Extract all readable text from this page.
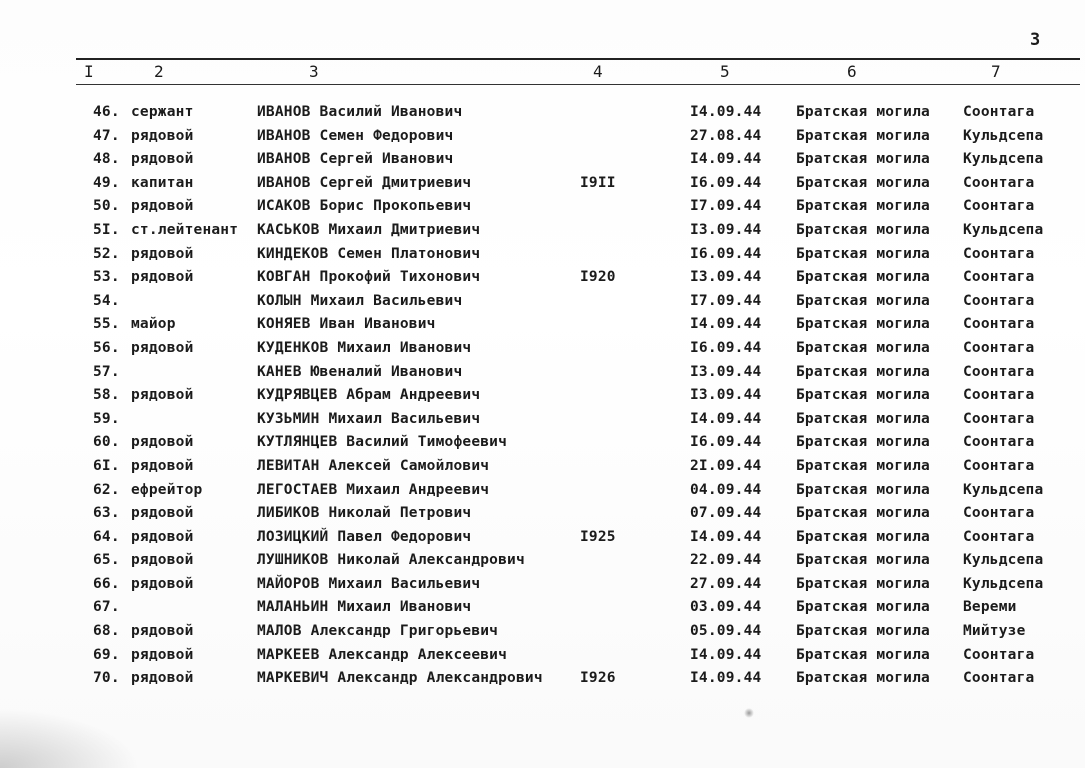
3
I	2	3	4	5	6	7
46. сержант	ИВАНОВ Василий Иванович	I4.09.44 Братская могила Соонтага
47. рядовой	ИВАНОВ Семен Федорович	27.08.44 Братская могила Кульдсепа
48. рядовой	ИВАНОВ Сергей Иванович	I4.09.44 Братская могила Кульдсепа
49. капитан	ИВАНОВ Сергей Дмитриевич	I9II	I6.09.44 Братская могила Соонтага
50. рядовой	ИСАКОВ Борис Прокопьевич	I7.09.44 Братская могила Соонтага
5I. ст.лейтенант КАСЬКОВ Михаил Дмитриевич	I3.09.44 Братская могила Кульдсепа
52. рядовой	КИНДЕКОВ Семен Платонович	I6.09.44 Братская могила Соонтага
53. рядовой	КОВГАН Прокофий Тихонович	I920	I3.09.44 Братская могила Соонтага
54.	КОЛЫН Михаил Васильевич	I7.09.44 Братская могила Соонтага
55. майор	КОНЯЕВ Иван Иванович	I4.09.44 Братская могила Соонтага
56. рядовой	КУДЕНКОВ Михаил Иванович	I6.09.44 Братская могила Соонтага
57.	КАНЕВ Ювеналий Иванович	I3.09.44 Братская могила Соонтага
58. рядовой	КУДРЯВЦЕВ Абрам Андреевич	I3.09.44 Братская могила Соонтага
59.	КУЗЬМИН Михаил Васильевич	I4.09.44 Братская могила Соонтага
60. рядовой	КУТЛЯНЦЕВ Василий Тимофеевич	I6.09.44 Братская могила Соонтага
6I. рядовой	ЛЕВИТАН Алексей Самойлович	2I.09.44 Братская могила Соонтага
62. ефрейтор	ЛЕГОСТАЕВ Михаил Андреевич	04.09.44 Братская могила Кульдсепа
63. рядовой	ЛИБИКОВ Николай Петрович	07.09.44 Братская могила Соонтага
64. рядовой	ЛОЗИЦКИЙ Павел Федорович	I925	I4.09.44 Братская могила Соонтага
65. рядовой	ЛУШНИКОВ Николай Александрович	22.09.44 Братская могила Кульдсепа
66. рядовой	МАЙОРОВ Михаил Васильевич	27.09.44 Братская могила Кульдсепа
67.	МАЛАНЬИН Михаил Иванович	03.09.44 Братская могила Верeми
68. рядовой	МАЛОВ Александр Григорьевич	05.09.44 Братская могила Мийтузе
69. рядовой	МАРКЕЕВ Александр Алексеевич	I4.09.44 Братская могила Соонтага
70. рядовой	МАРКЕВИЧ Александр Александрович	I926	I4.09.44 Братская могила Соонтага
